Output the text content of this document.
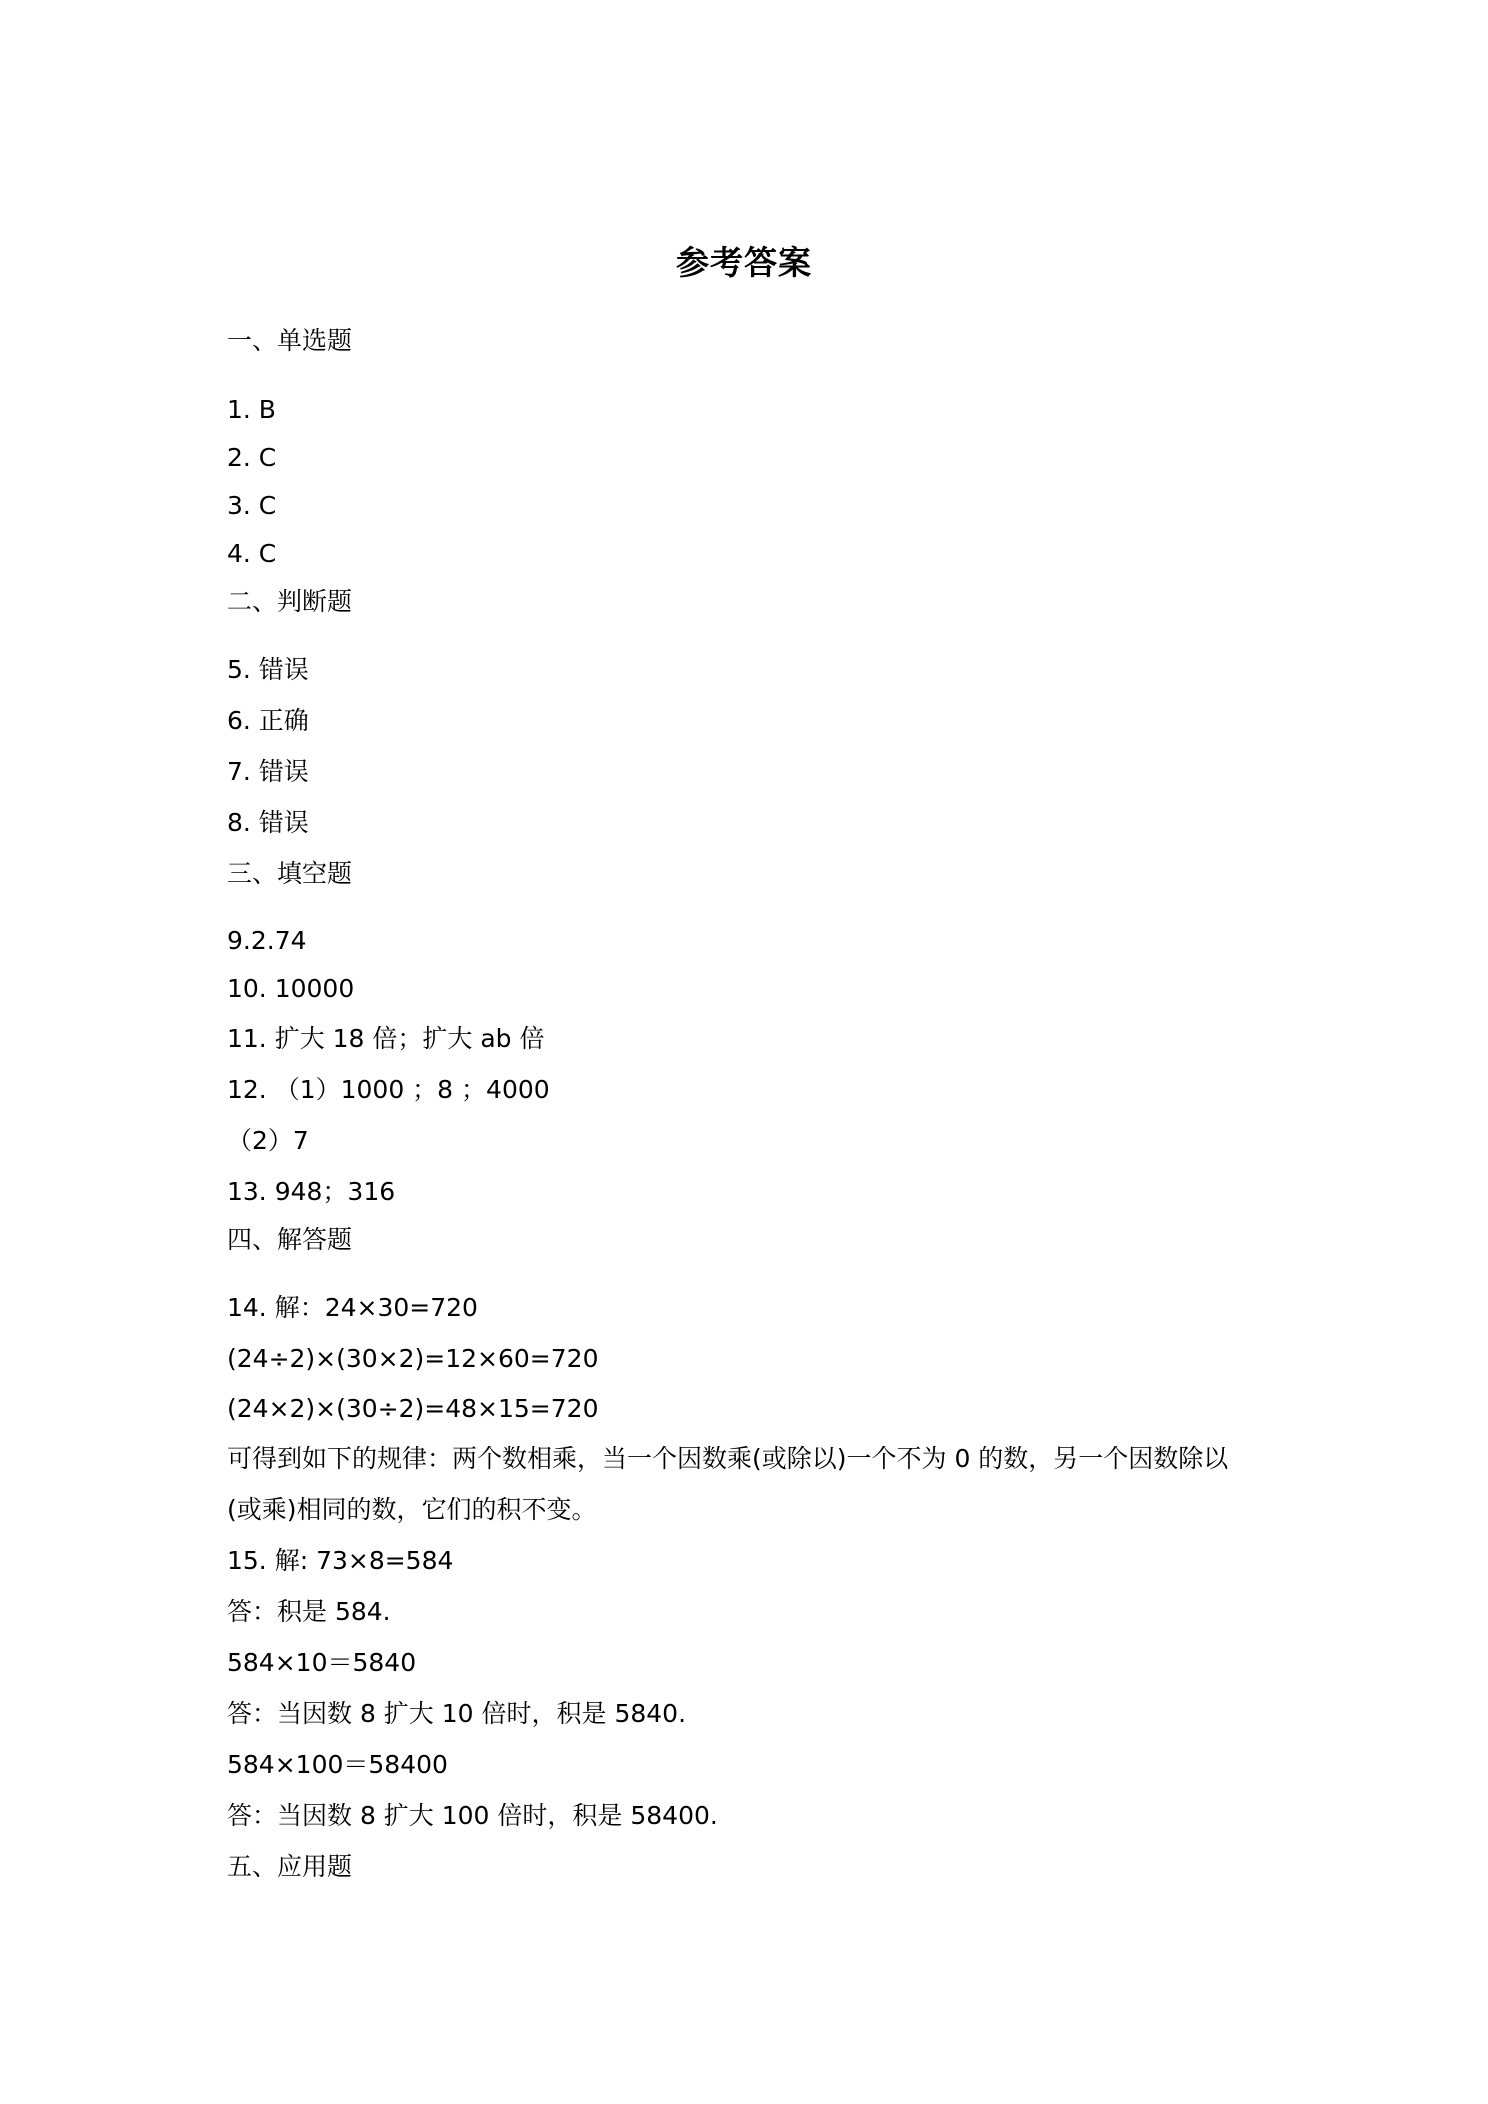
参考答案
一、单选题
1. B
2. C
3. C
4. C
二、判断题
5. 错误
6. 正确
7. 错误
8. 错误
三、填空题
9.2.74
10. 10000
11. 扩大 18 倍；扩大 ab 倍
12. （1）1000 ；8 ；4000
（2）7
13. 948；316
四、解答题
14. 解：24×30=720
(24÷2)×(30×2)=12×60=720
(24×2)×(30÷2)=48×15=720
可得到如下的规律：两个数相乘，当一个因数乘(或除以)一个不为 0 的数，另一个因数除以
(或乘)相同的数，它们的积不变。
15. 解: 73×8=584
答：积是 584.
584×10＝5840
答：当因数 8 扩大 10 倍时，积是 5840.
584×100＝58400
答：当因数 8 扩大 100 倍时，积是 58400.
五、应用题
